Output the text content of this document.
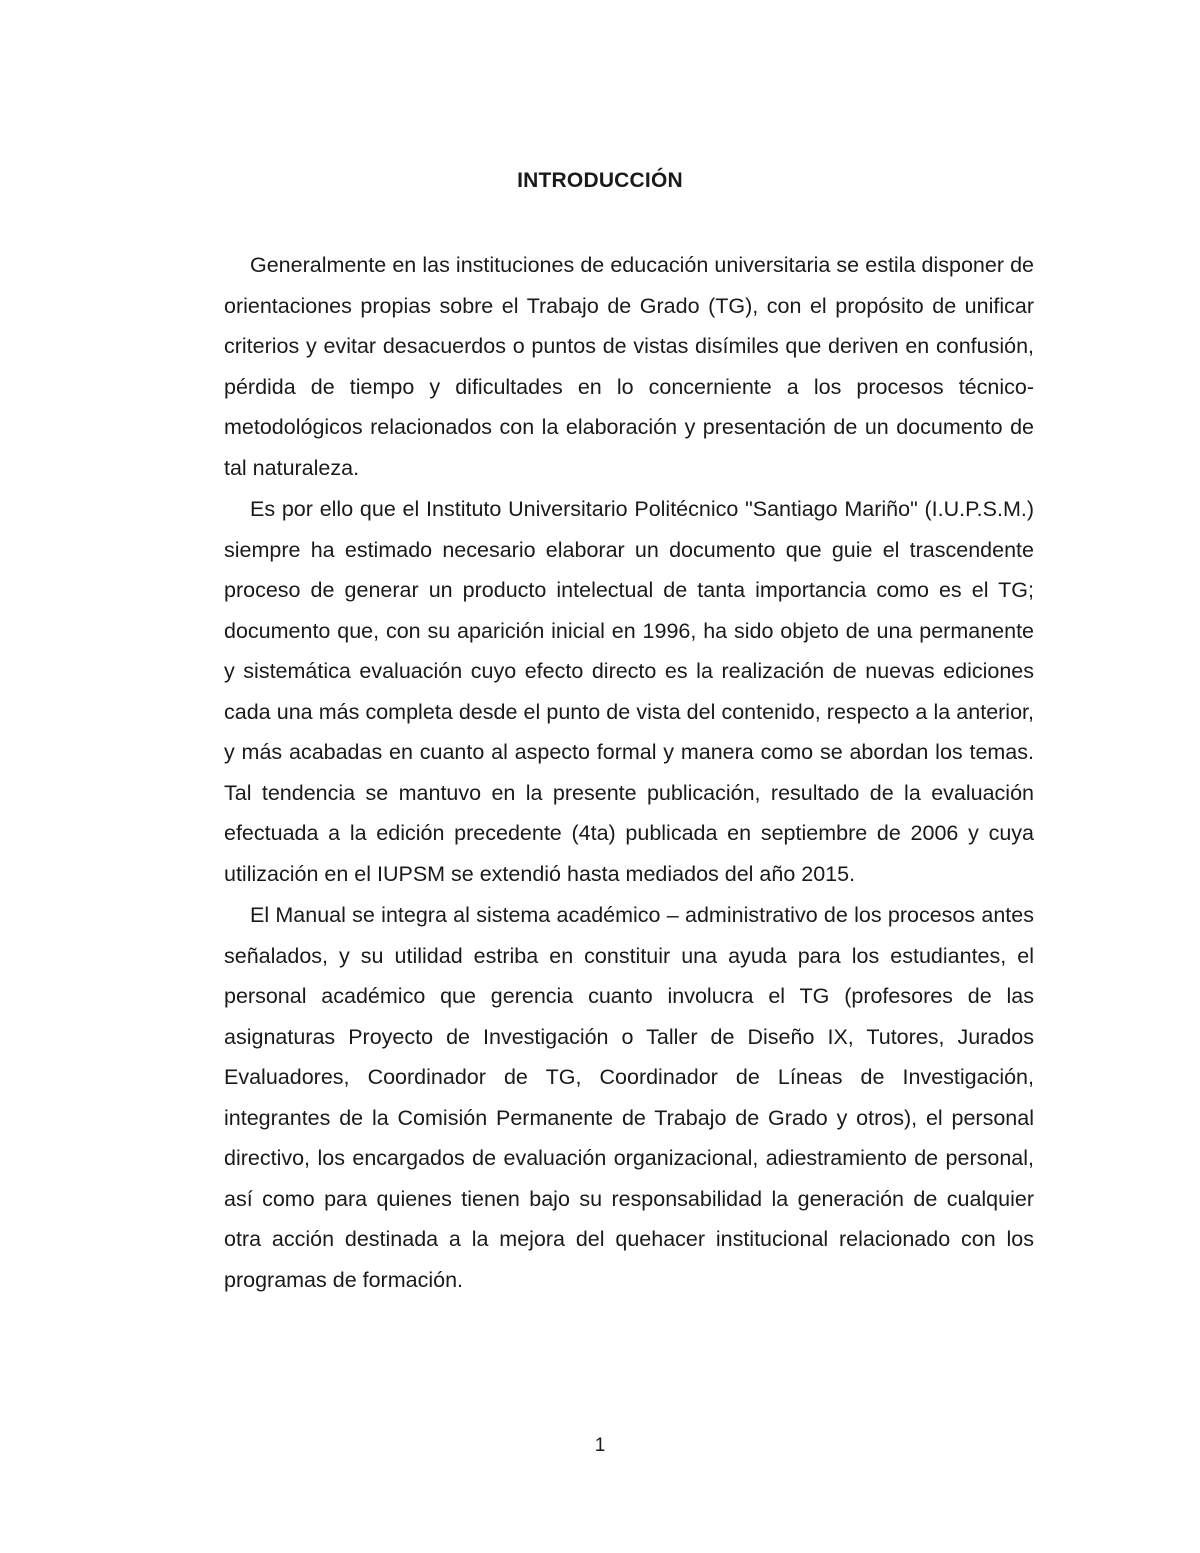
INTRODUCCIÓN

Generalmente en las instituciones de educación universitaria se estila disponer de orientaciones propias sobre el Trabajo de Grado (TG), con el propósito de unificar criterios y evitar desacuerdos o puntos de vistas disímiles que deriven en confusión, pérdida de tiempo y dificultades en lo concerniente a los procesos técnico-metodológicos relacionados con la elaboración y presentación de un documento de tal naturaleza.

Es por ello que el Instituto Universitario Politécnico "Santiago Mariño" (I.U.P.S.M.) siempre ha estimado necesario elaborar un documento que guie el trascendente proceso de generar un producto intelectual de tanta importancia como es el TG; documento que, con su aparición inicial en 1996, ha sido objeto de una permanente y sistemática evaluación cuyo efecto directo es la realización de nuevas ediciones cada una más completa desde el punto de vista del contenido, respecto a la anterior, y más acabadas en cuanto al aspecto formal y manera como se abordan los temas. Tal tendencia se mantuvo en la presente publicación, resultado de la evaluación efectuada a la edición precedente (4ta) publicada en septiembre de 2006 y cuya utilización en el IUPSM se extendió hasta mediados del año 2015.

El Manual se integra al sistema académico – administrativo de los procesos antes señalados, y su utilidad estriba en constituir una ayuda para los estudiantes, el personal académico que gerencia cuanto involucra el TG (profesores de las asignaturas Proyecto de Investigación o Taller de Diseño IX, Tutores, Jurados Evaluadores, Coordinador de TG, Coordinador de Líneas de Investigación, integrantes de la Comisión Permanente de Trabajo de Grado y otros), el personal directivo, los encargados de evaluación organizacional, adiestramiento de personal, así como para quienes tienen bajo su responsabilidad la generación de cualquier otra acción destinada a la mejora del quehacer institucional relacionado con los programas de formación.

1
